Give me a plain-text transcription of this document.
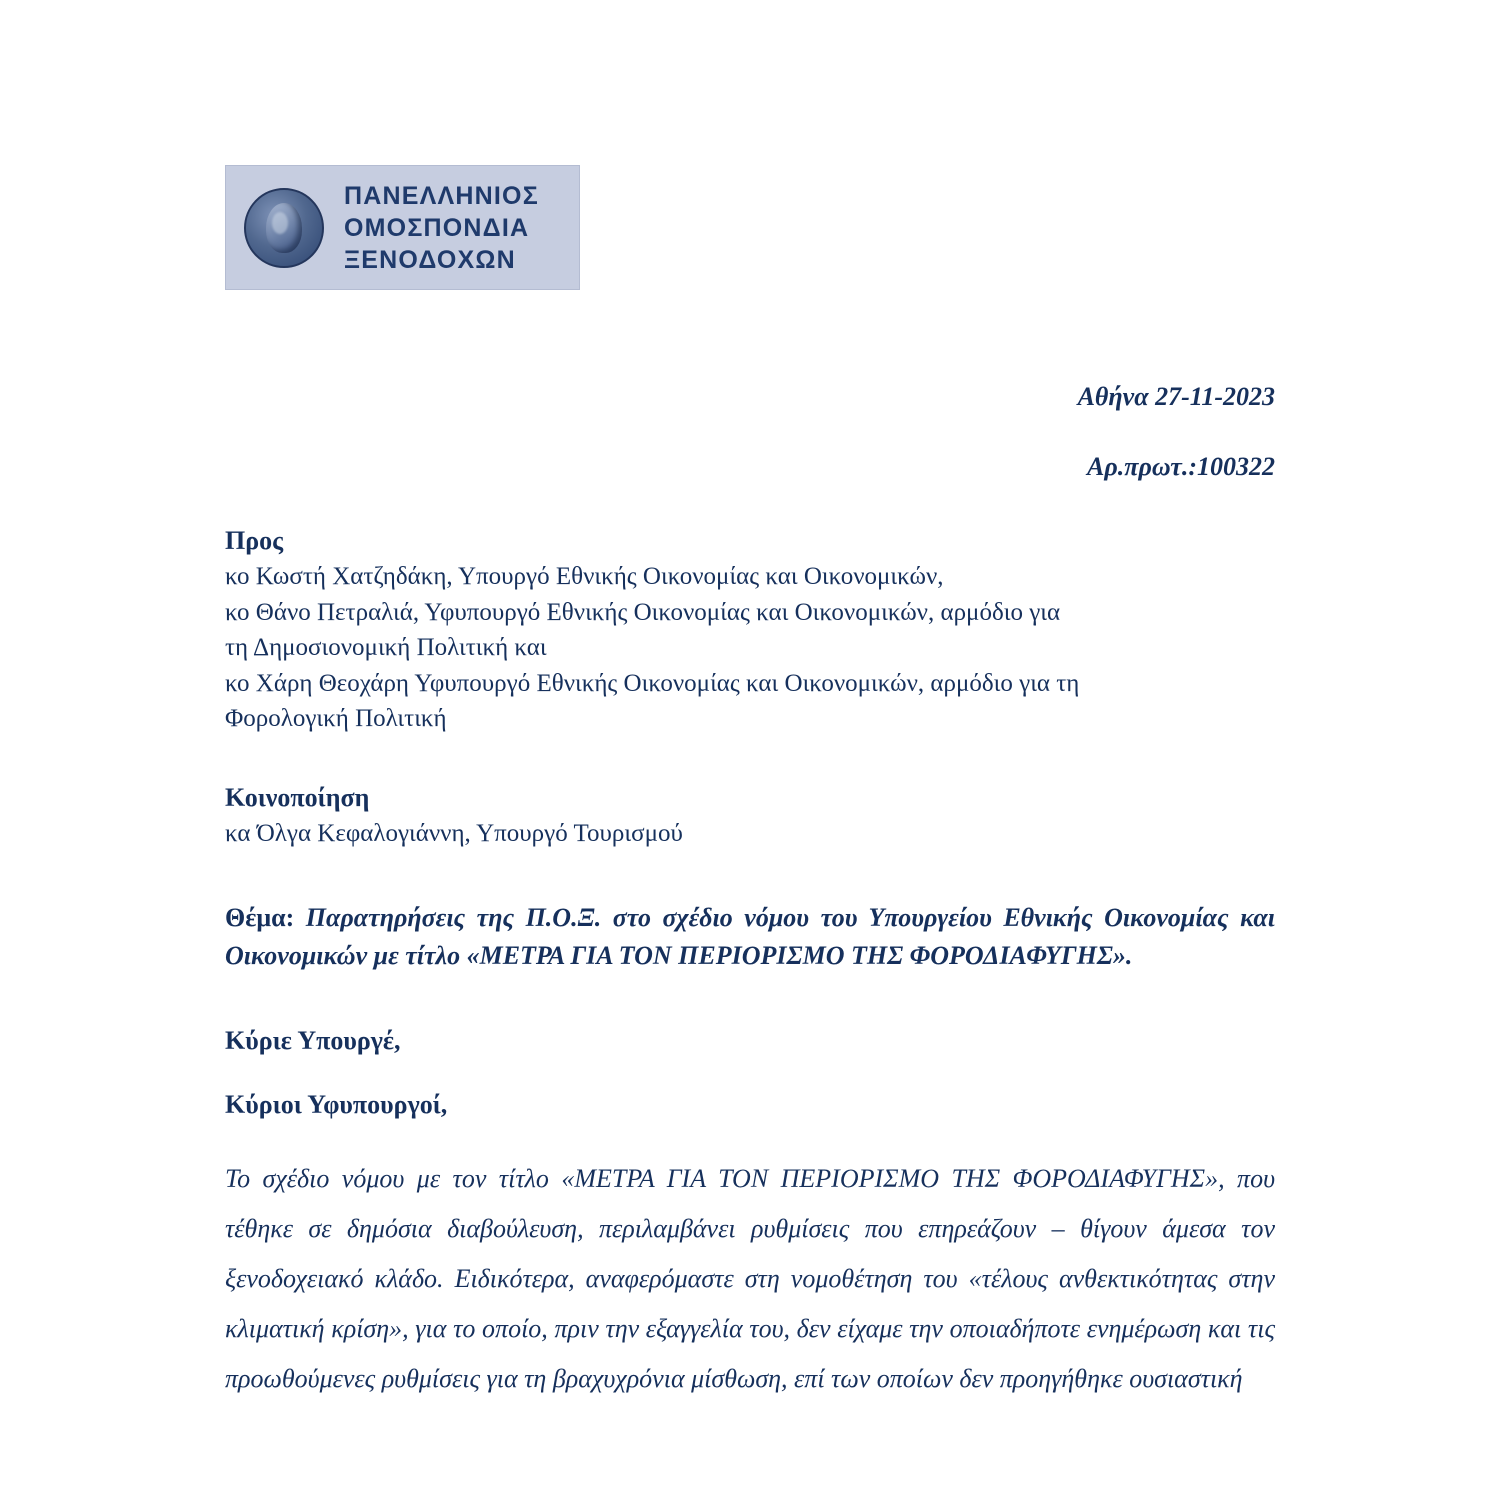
ΠΑΝΕΛΛΗΝΙΟΣ
ΟΜΟΣΠΟΝΔΙΑ
ΞΕΝΟΔΟΧΩΝ
Αθήνα 27-11-2023
Αρ.πρωτ.:100322
Προς
κο Κωστή Χατζηδάκη, Υπουργό Εθνικής Οικονομίας και Οικονομικών,
κο Θάνο Πετραλιά, Υφυπουργό Εθνικής Οικονομίας και Οικονομικών, αρμόδιο για
τη Δημοσιονομική Πολιτική και
κο Χάρη Θεοχάρη Υφυπουργό Εθνικής Οικονομίας και Οικονομικών, αρμόδιο για τη
Φορολογική Πολιτική
Κοινοποίηση
κα Όλγα Κεφαλογιάννη, Υπουργό Τουρισμού
Θέμα: Παρατηρήσεις της Π.Ο.Ξ. στο σχέδιο νόμου του Υπουργείου Εθνικής Οικονομίας και Οικονομικών με τίτλο «ΜΕΤΡΑ ΓΙΑ ΤΟΝ ΠΕΡΙΟΡΙΣΜΟ ΤΗΣ ΦΟΡΟΔΙΑΦΥΓΗΣ».
Κύριε Υπουργέ,
Κύριοι Υφυπουργοί,
Το σχέδιο νόμου με τον τίτλο «ΜΕΤΡΑ ΓΙΑ ΤΟΝ ΠΕΡΙΟΡΙΣΜΟ ΤΗΣ ΦΟΡΟΔΙΑΦΥΓΗΣ», που τέθηκε σε δημόσια διαβούλευση, περιλαμβάνει ρυθμίσεις που επηρεάζουν – θίγουν άμεσα τον ξενοδοχειακό κλάδο. Ειδικότερα, αναφερόμαστε στη νομοθέτηση του «τέλους ανθεκτικότητας στην κλιματική κρίση», για το οποίο, πριν την εξαγγελία του, δεν είχαμε την οποιαδήποτε ενημέρωση και τις προωθούμενες ρυθμίσεις για τη βραχυχρόνια μίσθωση, επί των οποίων δεν προηγήθηκε ουσιαστική
